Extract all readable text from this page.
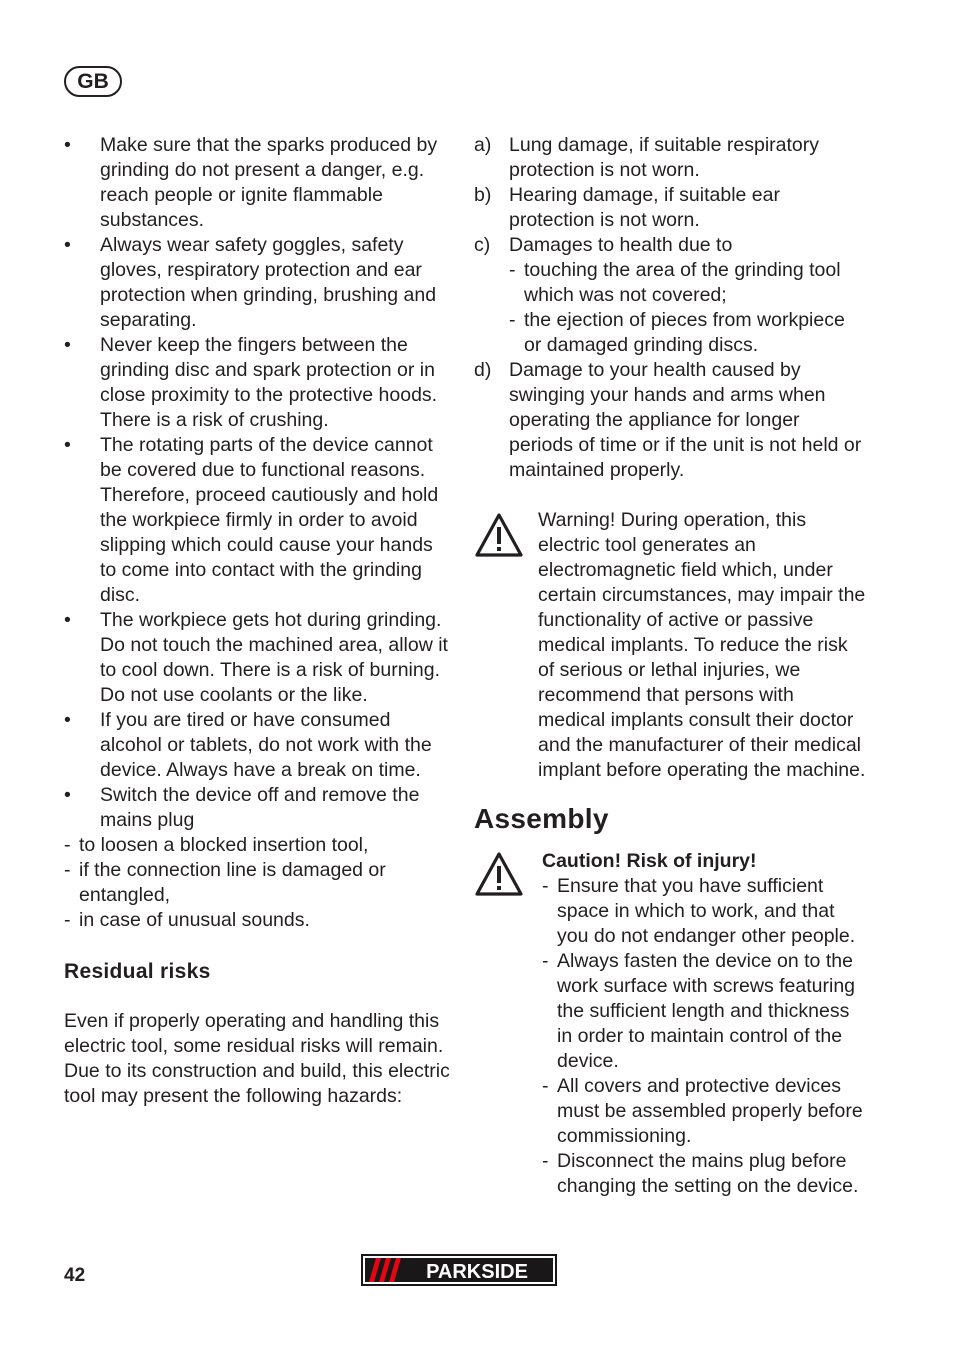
GB
• Make sure that the sparks produced by grinding do not present a danger, e.g. reach people or ignite flammable substances.
• Always wear safety goggles, safety gloves, respiratory protection and ear protection when grinding, brushing and separating.
• Never keep the fingers between the grinding disc and spark protection or in close proximity to the protective hoods. There is a risk of crushing.
• The rotating parts of the device cannot be covered due to functional reasons. Therefore, proceed cautiously and hold the workpiece firmly in order to avoid slipping which could cause your hands to come into contact with the grinding disc.
• The workpiece gets hot during grinding. Do not touch the machined area, allow it to cool down. There is a risk of burning. Do not use coolants or the like.
• If you are tired or have consumed alcohol or tablets, do not work with the device. Always have a break on time.
• Switch the device off and remove the mains plug
- to loosen a blocked insertion tool,
- if the connection line is damaged or entangled,
- in case of unusual sounds.
Residual risks

Even if properly operating and handling this electric tool, some residual risks will remain. Due to its construction and build, this electric tool may present the following hazards:

a) Lung damage, if suitable respiratory protection is not worn.
b) Hearing damage, if suitable ear protection is not worn.
c) Damages to health due to
- touching the area of the grinding tool which was not covered;
- the ejection of pieces from workpiece or damaged grinding discs.
d) Damage to your health caused by swinging your hands and arms when operating the appliance for longer periods of time or if the unit is not held or maintained properly.

Warning! During operation, this electric tool generates an electromagnetic field which, under certain circumstances, may impair the functionality of active or passive medical implants. To reduce the risk of serious or lethal injuries, we recommend that persons with medical implants consult their doctor and the manufacturer of their medical implant before operating the machine.

Assembly
Caution! Risk of injury!
- Ensure that you have sufficient space in which to work, and that you do not endanger other people.
- Always fasten the device on to the work surface with screws featuring the sufficient length and thickness in order to maintain control of the device.
- All covers and protective devices must be assembled properly before commissioning.
- Disconnect the mains plug before changing the setting on the device.
42	PARKSIDE
